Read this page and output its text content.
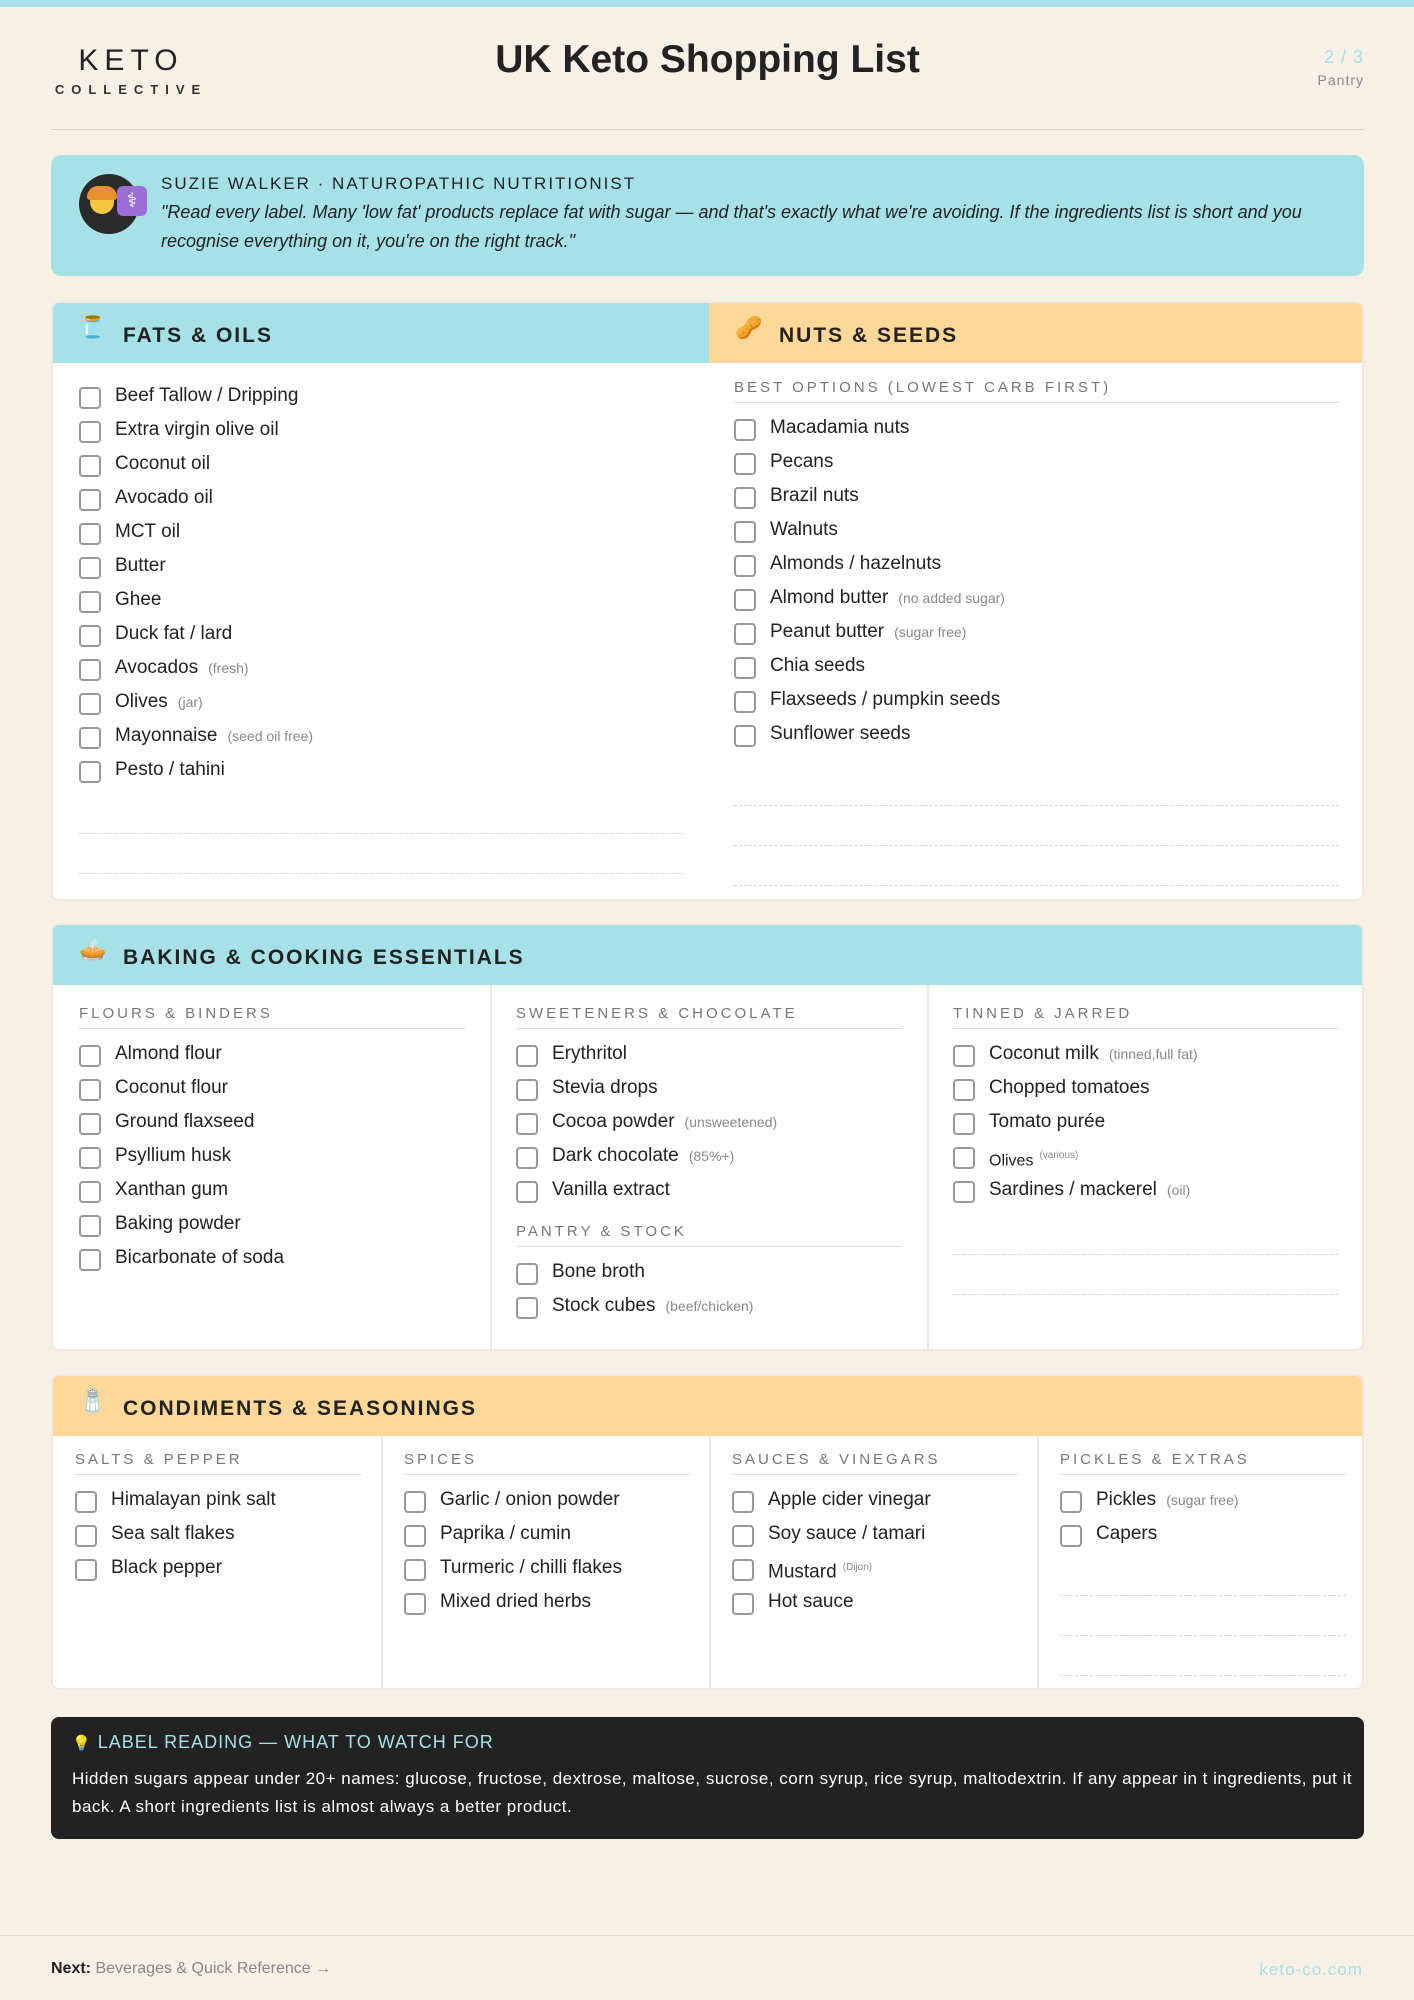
KETO
COLLECTIVE
UK Keto Shopping List	2 / 3
Pantry
⚕
SUZIE WALKER · NATUROPATHIC NUTRITIONIST
"Read every label. Many 'low fat' products replace fat with sugar — and that's exactly what we're avoiding. If the ingredients list is short and you recognise everything on it, you're on the right track."
🫙 FATS & OILS	🥜 NUTS & SEEDS
Beef Tallow / Dripping
Extra virgin olive oil
Coconut oil
Avocado oil
MCT oil
Butter
Ghee
Duck fat / lard
Avocados (fresh)
Olives (jar)
Mayonnaise (seed oil free)
Pesto / tahini
BEST OPTIONS (LOWEST CARB FIRST)
Macadamia nuts
Pecans
Brazil nuts
Walnuts
Almonds / hazelnuts
Almond butter (no added sugar)
Peanut butter (sugar free)
Chia seeds
Flaxseeds / pumpkin seeds
Sunflower seeds
🥧 BAKING & COOKING ESSENTIALS
FLOURS & BINDERS
Almond flour
Coconut flour
Ground flaxseed
Psyllium husk
Xanthan gum
Baking powder
Bicarbonate of soda
SWEETENERS & CHOCOLATE
Erythritol
Stevia drops
Cocoa powder (unsweetened)
Dark chocolate (85%+)
Vanilla extract
PANTRY & STOCK
Bone broth
Stock cubes (beef/chicken)
TINNED & JARRED
Coconut milk (tinned,full fat)
Chopped tomatoes
Tomato purée
Olives $^{(various)}$
Sardines / mackerel (oil)
🧂 CONDIMENTS & SEASONINGS
SALTS & PEPPER
Himalayan pink salt
Sea salt flakes
Black pepper
SPICES
Garlic / onion powder
Paprika / cumin
Turmeric / chilli flakes
Mixed dried herbs
SAUCES & VINEGARS
Apple cider vinegar
Soy sauce / tamari
Mustard $^{(Dijon)}$
Hot sauce
PICKLES & EXTRAS
Pickles (sugar free)
Capers
💡 LABEL READING — WHAT TO WATCH FOR
Hidden sugars appear under 20+ names: glucose, fructose, dextrose, maltose, sucrose, corn syrup, rice syrup, maltodextrin. If any appear in t ingredients, put it back. A short ingredients list is almost always a better product.
Next: Beverages & Quick Reference →	keto-co.com
